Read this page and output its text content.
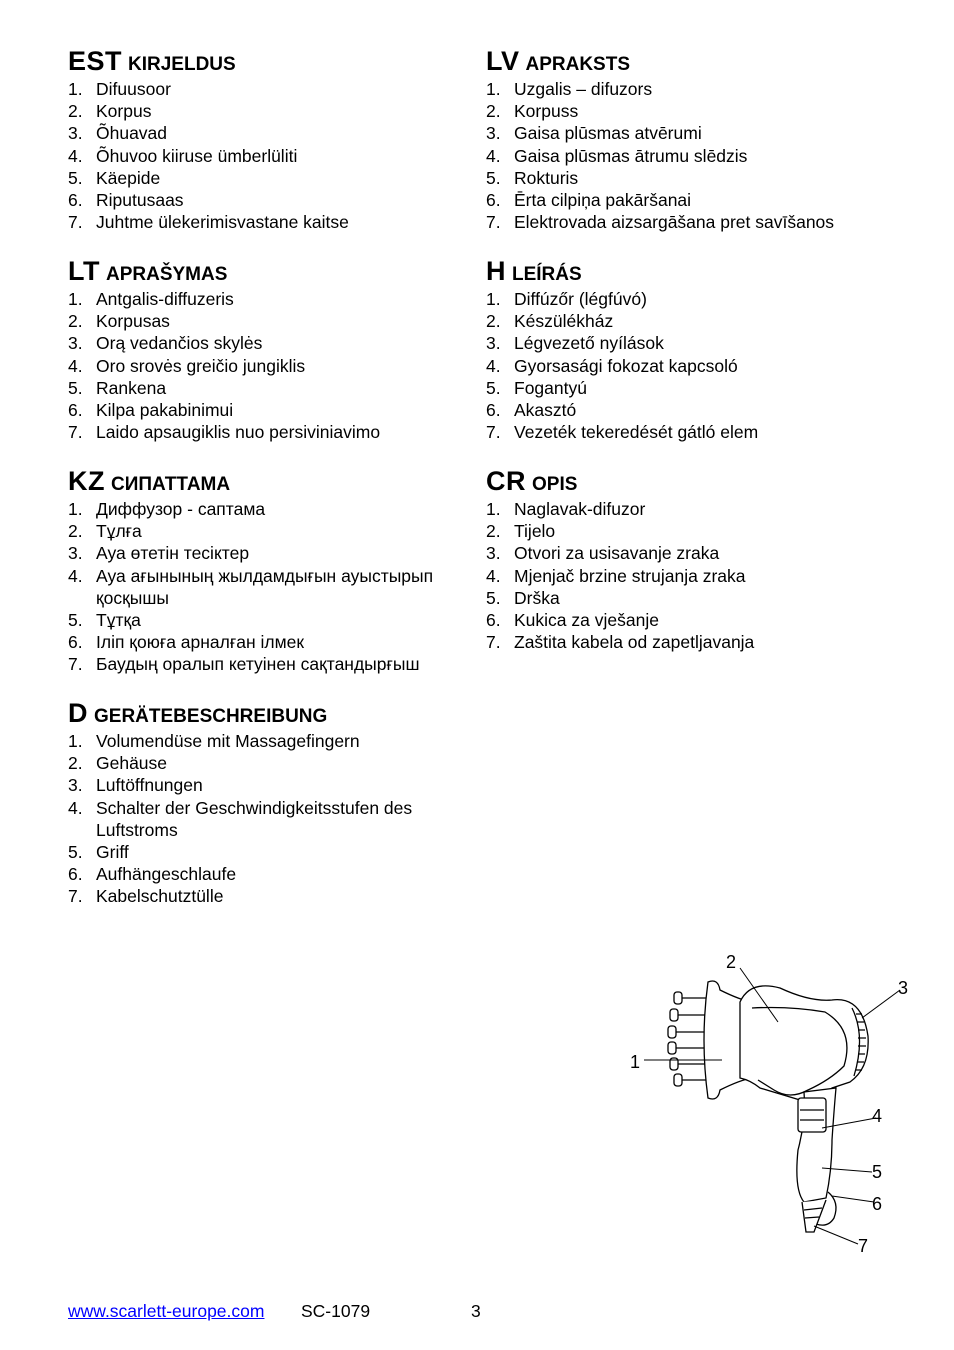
EST KIRJELDUS
1. Difuusoor
2. Korpus
3. Õhuavad
4. Õhuvoo kiiruse ümberlüliti
5. Käepide
6. Riputusaas
7. Juhtme ülekerimisvastane kaitse
LV APRAKSTS
1. Uzgalis – difuzors
2. Korpuss
3. Gaisa plūsmas atvērumi
4. Gaisa plūsmas ātrumu slēdzis
5. Rokturis
6. Ērta cilpiņa pakāršanai
7. Elektrovada aizsargāšana pret savīšanos
LT APRAŠYMAS
1. Antgalis-diffuzeris
2. Korpusas
3. Orą vedančios skylės
4. Oro srovės greičio jungiklis
5. Rankena
6. Kilpa pakabinimui
7. Laido apsaugiklis nuo persiviniavimo
H LEÍRÁS
1. Diffúzőr (légfúvó)
2. Készülékház
3. Légvezető nyílások
4. Gyorsasági fokozat kapcsoló
5. Fogantyú
6. Akasztó
7. Vezeték tekeredését gátló elem
KZ СИПАТТАМА
1. Диффузор - саптама
2. Тұлға
3. Ауа өтетін тесіктер
4. Ауа ағынының жылдамдығын ауыстырып қосқышы
5. Тұтқа
6. Іліп қоюға арналған ілмек
7. Баудың оралып кетуінен сақтандырғыш
CR OPIS
1. Naglavak-difuzor
2. Tijelo
3. Otvori za usisavanje zraka
4. Mjenjač brzine strujanja zraka
5. Drška
6. Kukica za vješanje
7. Zaštita kabela od zapetljavanja
D GERÄTEBESCHREIBUNG
1. Volumendüse mit Massagefingern
2. Gehäuse
3. Luftöffnungen
4. Schalter der Geschwindigkeitsstufen des Luftstroms
5. Griff
6. Aufhängeschlaufe
7. Kabelschutztülle
1
2
3
4
5
6
7
www.scarlett-europe.com SC-1079	3
